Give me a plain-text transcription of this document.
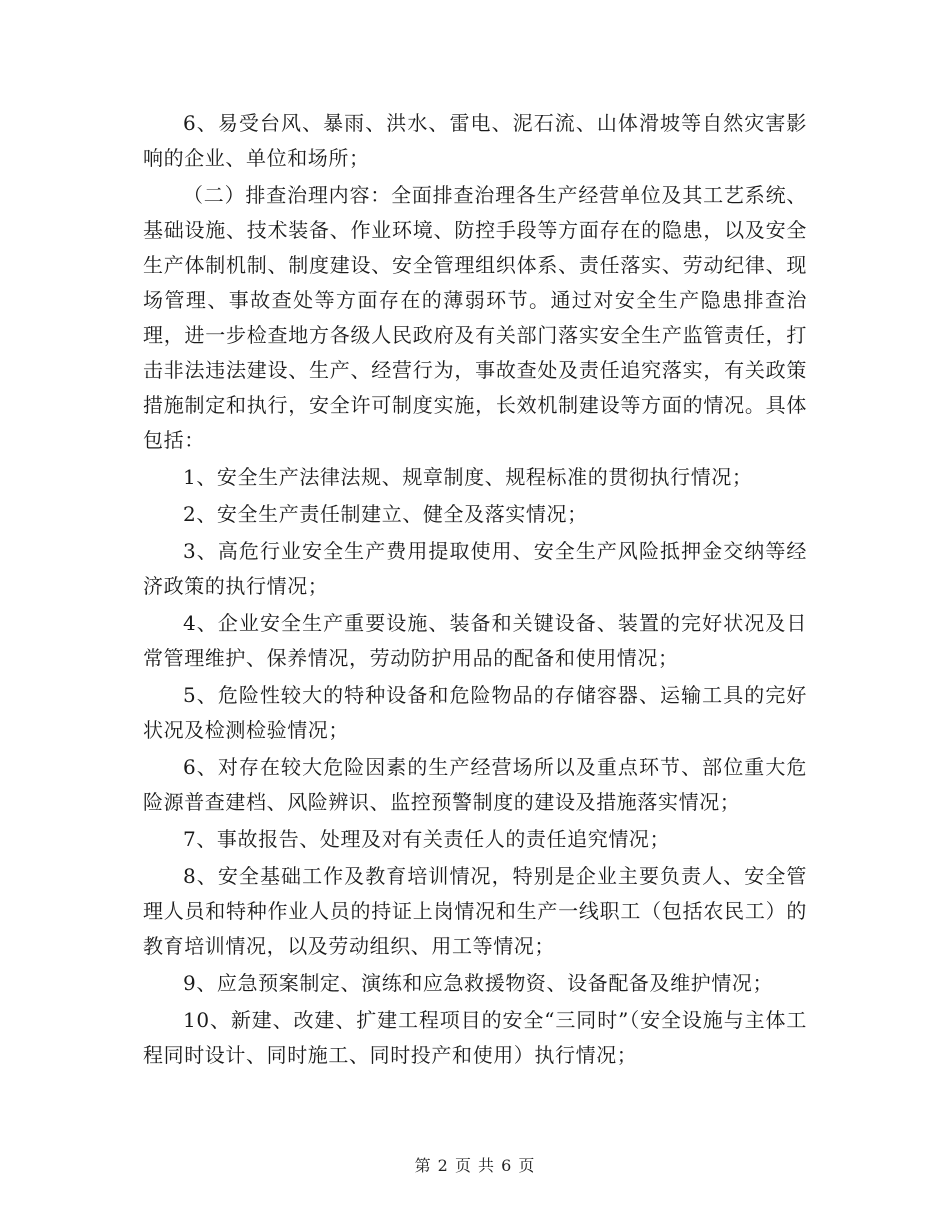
6、易受台风、暴雨、洪水、雷电、泥石流、山体滑坡等自然灾害影响的企业、单位和场所；

（二）排查治理内容：全面排查治理各生产经营单位及其工艺系统、基础设施、技术装备、作业环境、防控手段等方面存在的隐患，以及安全生产体制机制、制度建设、安全管理组织体系、责任落实、劳动纪律、现场管理、事故查处等方面存在的薄弱环节。通过对安全生产隐患排查治理，进一步检查地方各级人民政府及有关部门落实安全生产监管责任，打击非法违法建设、生产、经营行为，事故查处及责任追究落实，有关政策措施制定和执行，安全许可制度实施，长效机制建设等方面的情况。具体包括：

1、安全生产法律法规、规章制度、规程标准的贯彻执行情况；

2、安全生产责任制建立、健全及落实情况；

3、高危行业安全生产费用提取使用、安全生产风险抵押金交纳等经济政策的执行情况；

4、企业安全生产重要设施、装备和关键设备、装置的完好状况及日常管理维护、保养情况，劳动防护用品的配备和使用情况；

5、危险性较大的特种设备和危险物品的存储容器、运输工具的完好状况及检测检验情况；

6、对存在较大危险因素的生产经营场所以及重点环节、部位重大危险源普查建档、风险辨识、监控预警制度的建设及措施落实情况；

7、事故报告、处理及对有关责任人的责任追究情况；

8、安全基础工作及教育培训情况，特别是企业主要负责人、安全管理人员和特种作业人员的持证上岗情况和生产一线职工（包括农民工）的教育培训情况，以及劳动组织、用工等情况；

9、应急预案制定、演练和应急救援物资、设备配备及维护情况；

10、新建、改建、扩建工程项目的安全“三同时”（安全设施与主体工程同时设计、同时施工、同时投产和使用）执行情况；

第 2 页 共 6 页
